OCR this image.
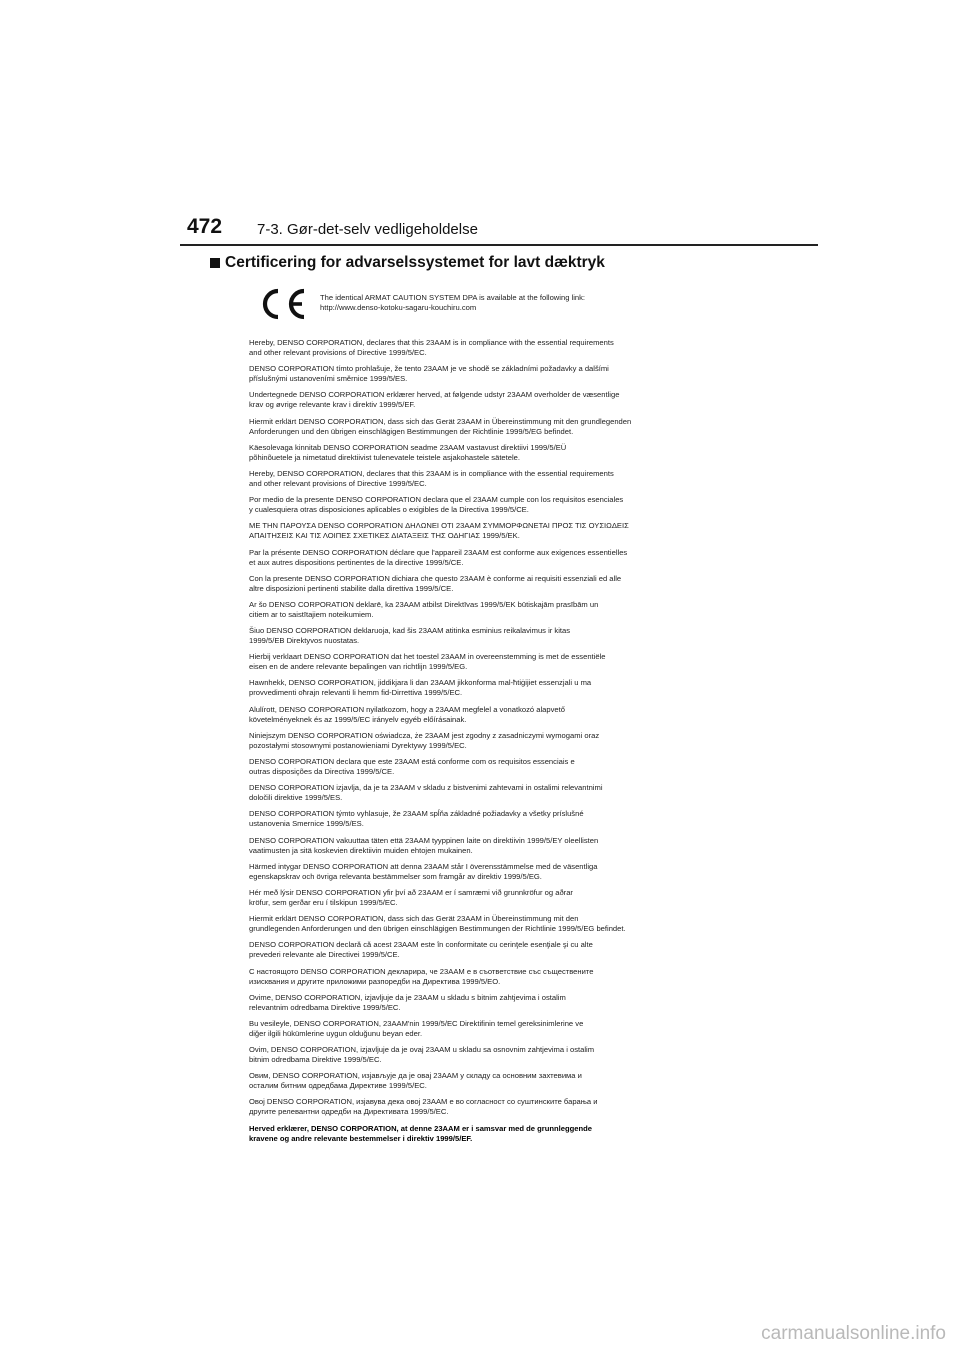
472 7-3. Gør-det-selv vedligeholdelse
Certificering for advarselssystemet for lavt dæktryk
The identical ARMAT CAUTION SYSTEM DPA is available at the following link:
http://www.denso-kotoku-sagaru-kouchiru.com
Hereby, DENSO CORPORATION, declares that this 23AAM is in compliance with the essential requirements
and other relevant provisions of Directive 1999/5/EC.
DENSO CORPORATION tímto prohlašuje, že tento 23AAM je ve shodě se základními požadavky a dalšími
příslušnými ustanoveními směrnice 1999/5/ES.
Undertegnede DENSO CORPORATION erklærer herved, at følgende udstyr 23AAM overholder de væsentlige
krav og øvrige relevante krav i direktiv 1999/5/EF.
Hiermit erklärt DENSO CORPORATION, dass sich das Gerät 23AAM in Übereinstimmung mit den grundlegenden
Anforderungen und den übrigen einschlägigen Bestimmungen der Richtlinie 1999/5/EG befindet.
Käesolevaga kinnitab DENSO CORPORATION seadme 23AAM vastavust direktiivi 1999/5/EÜ
põhinõuetele ja nimetatud direktiivist tulenevatele teistele asjakohastele sätetele.
Hereby, DENSO CORPORATION, declares that this 23AAM is in compliance with the essential requirements
and other relevant provisions of Directive 1999/5/EC.
Por medio de la presente DENSO CORPORATION declara que el 23AAM cumple con los requisitos esenciales
y cualesquiera otras disposiciones aplicables o exigibles de la Directiva 1999/5/CE.
ΜΕ ΤΗΝ ΠΑΡΟΥΣΑ DENSO CORPORATION ΔΗΛΩΝΕΙ ΟΤΙ 23AAM ΣΥΜΜΟΡΦΩΝΕΤΑΙ ΠΡΟΣ ΤΙΣ ΟΥΣΙΩΔΕΙΣ
ΑΠΑΙΤΗΣΕΙΣ ΚΑΙ ΤΙΣ ΛΟΙΠΕΣ ΣΧΕΤΙΚΕΣ ΔΙΑΤΑΞΕΙΣ ΤΗΣ ΟΔΗΓΙΑΣ 1999/5/ΕΚ.
Par la présente DENSO CORPORATION déclare que l'appareil 23AAM est conforme aux exigences essentielles
et aux autres dispositions pertinentes de la directive 1999/5/CE.
Con la presente DENSO CORPORATION dichiara che questo 23AAM è conforme ai requisiti essenziali ed alle
altre disposizioni pertinenti stabilite dalla direttiva 1999/5/CE.
Ar šo DENSO CORPORATION deklarē, ka 23AAM atbilst Direktīvas 1999/5/EK būtiskajām prasībām un
citiem ar to saistītajiem noteikumiem.
Šiuo DENSO CORPORATION deklaruoja, kad šis 23AAM atitinka esminius reikalavimus ir kitas
1999/5/EB Direktyvos nuostatas.
Hierbij verklaart DENSO CORPORATION dat het toestel 23AAM in overeenstemming is met de essentiële
eisen en de andere relevante bepalingen van richtlijn 1999/5/EG.
Hawnhekk, DENSO CORPORATION, jiddikjara li dan 23AAM jikkonforma mal-ħtiġijiet essenzjali u ma
provvedimenti oħrajn relevanti li hemm fid-Dirrettiva 1999/5/EC.
Alulírott, DENSO CORPORATION nyilatkozom, hogy a 23AAM megfelel a vonatkozó alapvető
követelményeknek és az 1999/5/EC irányelv egyéb előírásainak.
Niniejszym DENSO CORPORATION oświadcza, że 23AAM jest zgodny z zasadniczymi wymogami oraz
pozostałymi stosownymi postanowieniami Dyrektywy 1999/5/EC.
DENSO CORPORATION declara que este 23AAM está conforme com os requisitos essenciais e
outras disposições da Directiva 1999/5/CE.
DENSO CORPORATION izjavlja, da je ta 23AAM v skladu z bistvenimi zahtevami in ostalimi relevantnimi
določili direktive 1999/5/ES.
DENSO CORPORATION týmto vyhlasuje, že 23AAM spĺňa základné požiadavky a všetky príslušné
ustanovenia Smernice 1999/5/ES.
DENSO CORPORATION vakuuttaa täten että 23AAM tyyppinen laite on direktiivin 1999/5/EY oleellisten
vaatimusten ja sitä koskevien direktiivin muiden ehtojen mukainen.
Härmed intygar DENSO CORPORATION att denna 23AAM står I överensstämmelse med de väsentliga
egenskapskrav och övriga relevanta bestämmelser som framgår av direktiv 1999/5/EG.
Hér með lýsir DENSO CORPORATION yfir því að 23AAM er í samræmi við grunnkröfur og aðrar
kröfur, sem gerðar eru í tilskipun 1999/5/EC.
Hiermit erklärt DENSO CORPORATION, dass sich das Gerät 23AAM in Übereinstimmung mit den
grundlegenden Anforderungen und den übrigen einschlägigen Bestimmungen der Richtlinie 1999/5/EG befindet.
DENSO CORPORATION declară că acest 23AAM este în conformitate cu cerinţele esenţiale şi cu alte
prevederi relevante ale Directivei 1999/5/CE.
С настоящото DENSO CORPORATION декларира, че 23AAM е в съответствие със съществените
изисквания и другите приложими разпоредби на Директива 1999/5/ЕО.
Ovime, DENSO CORPORATION, izjavljuje da je 23AAM u skladu s bitnim zahtjevima i ostalim
relevantnim odredbama Direktive 1999/5/EC.
Bu vesileyle, DENSO CORPORATION, 23AAM'nin 1999/5/EC Direktifinin temel gereksinimlerine ve
diğer ilgili hükümlerine uygun olduğunu beyan eder.
Ovim, DENSO CORPORATION, izjavljuje da je ovaj 23AAM u skladu sa osnovnim zahtjevima i ostalim
bitnim odredbama Direktive 1999/5/EC.
Овим, DENSO CORPORATION, изјављује да је овај 23AAM у складу са основним захтевима и
осталим битним одредбама Директиве 1999/5/EC.
Овој DENSO CORPORATION, изјавува дека овој 23AAM е во согласност со суштинските барања и
другите релевантни одредби на Директивата 1999/5/EC.
Herved erklærer, DENSO CORPORATION, at denne 23AAM er i samsvar med de grunnleggende
kravene og andre relevante bestemmelser i direktiv 1999/5/EF.
carmanualsonline.info
